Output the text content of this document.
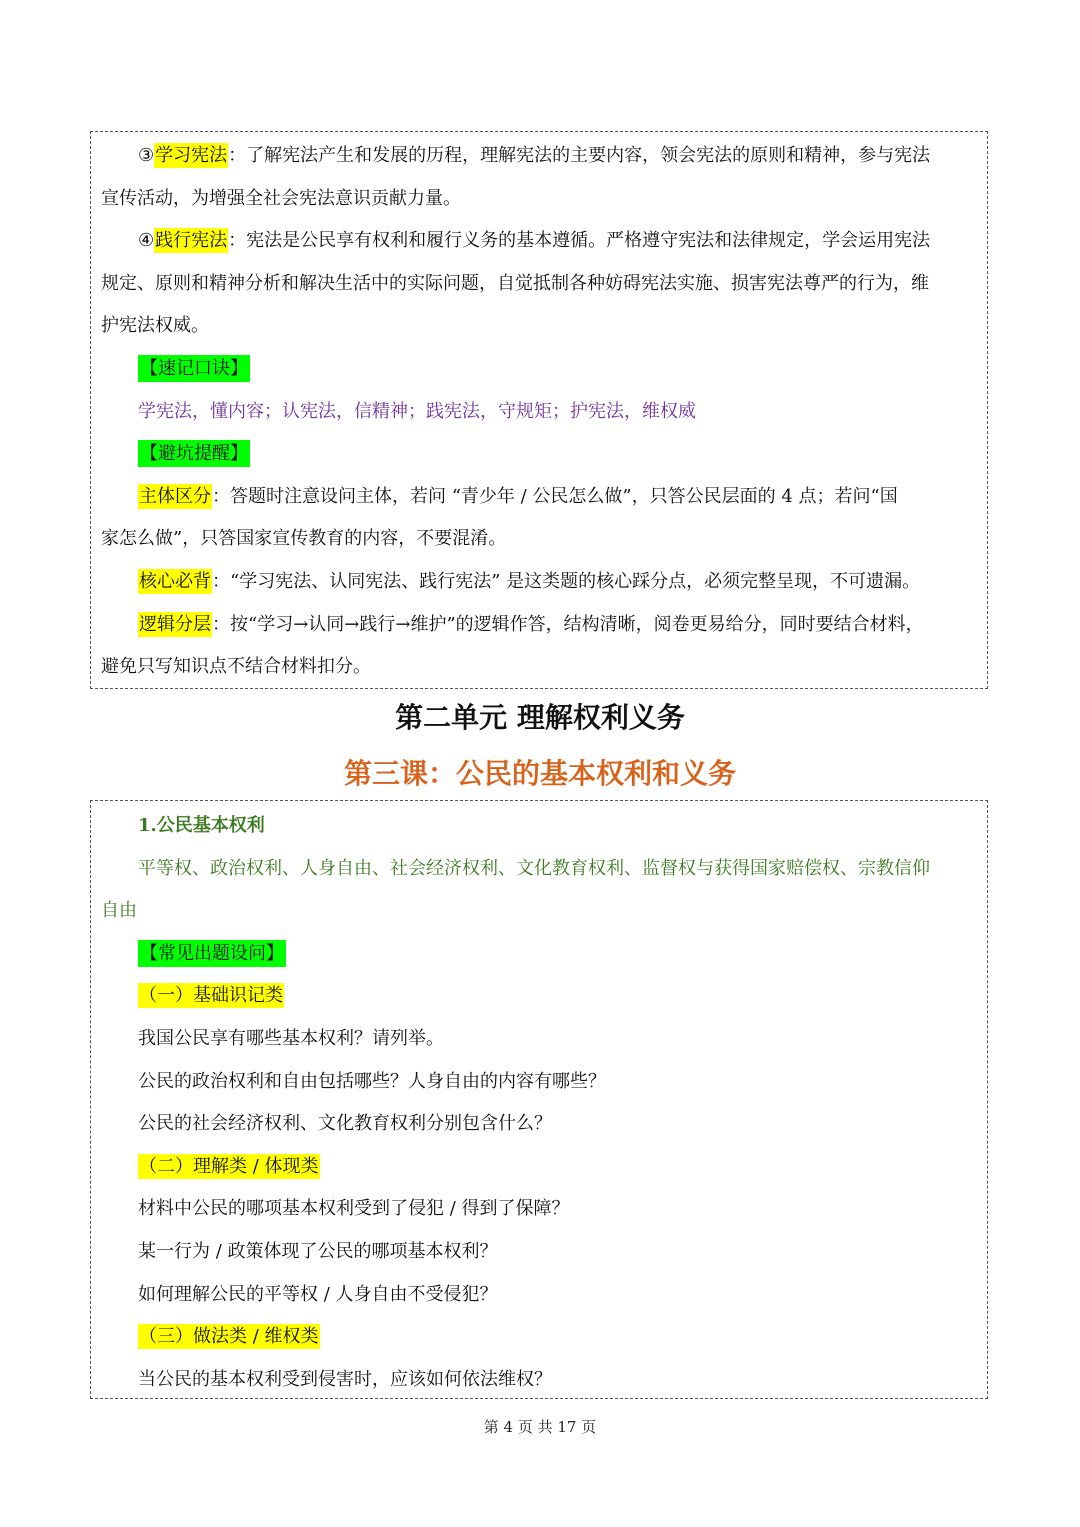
③学习宪法：了解宪法产生和发展的历程，理解宪法的主要内容，领会宪法的原则和精神，参与宪法
宣传活动，为增强全社会宪法意识贡献力量。
④践行宪法：宪法是公民享有权利和履行义务的基本遵循。严格遵守宪法和法律规定，学会运用宪法
规定、原则和精神分析和解决生活中的实际问题，自觉抵制各种妨碍宪法实施、损害宪法尊严的行为，维
护宪法权威。
【速记口诀】
学宪法，懂内容；认宪法，信精神；践宪法，守规矩；护宪法，维权威
【避坑提醒】
主体区分：答题时注意设问主体，若问 “青少年 / 公民怎么做”，只答公民层面的 4 点；若问“国
家怎么做”，只答国家宣传教育的内容，不要混淆。
核心必背：“学习宪法、认同宪法、践行宪法” 是这类题的核心踩分点，必须完整呈现，不可遗漏。
逻辑分层：按“学习→认同→践行→维护”的逻辑作答，结构清晰，阅卷更易给分，同时要结合材料，
避免只写知识点不结合材料扣分。
第二单元 理解权利义务
第三课：公民的基本权利和义务
1.公民基本权利
平等权、政治权利、人身自由、社会经济权利、文化教育权利、监督权与获得国家赔偿权、宗教信仰
自由
【常见出题设问】
（一）基础识记类
我国公民享有哪些基本权利？请列举。
公民的政治权利和自由包括哪些？人身自由的内容有哪些？
公民的社会经济权利、文化教育权利分别包含什么？
（二）理解类 / 体现类
材料中公民的哪项基本权利受到了侵犯 / 得到了保障？
某一行为 / 政策体现了公民的哪项基本权利？
如何理解公民的平等权 / 人身自由不受侵犯？
（三）做法类 / 维权类
当公民的基本权利受到侵害时，应该如何依法维权？
第 4 页 共 17 页
